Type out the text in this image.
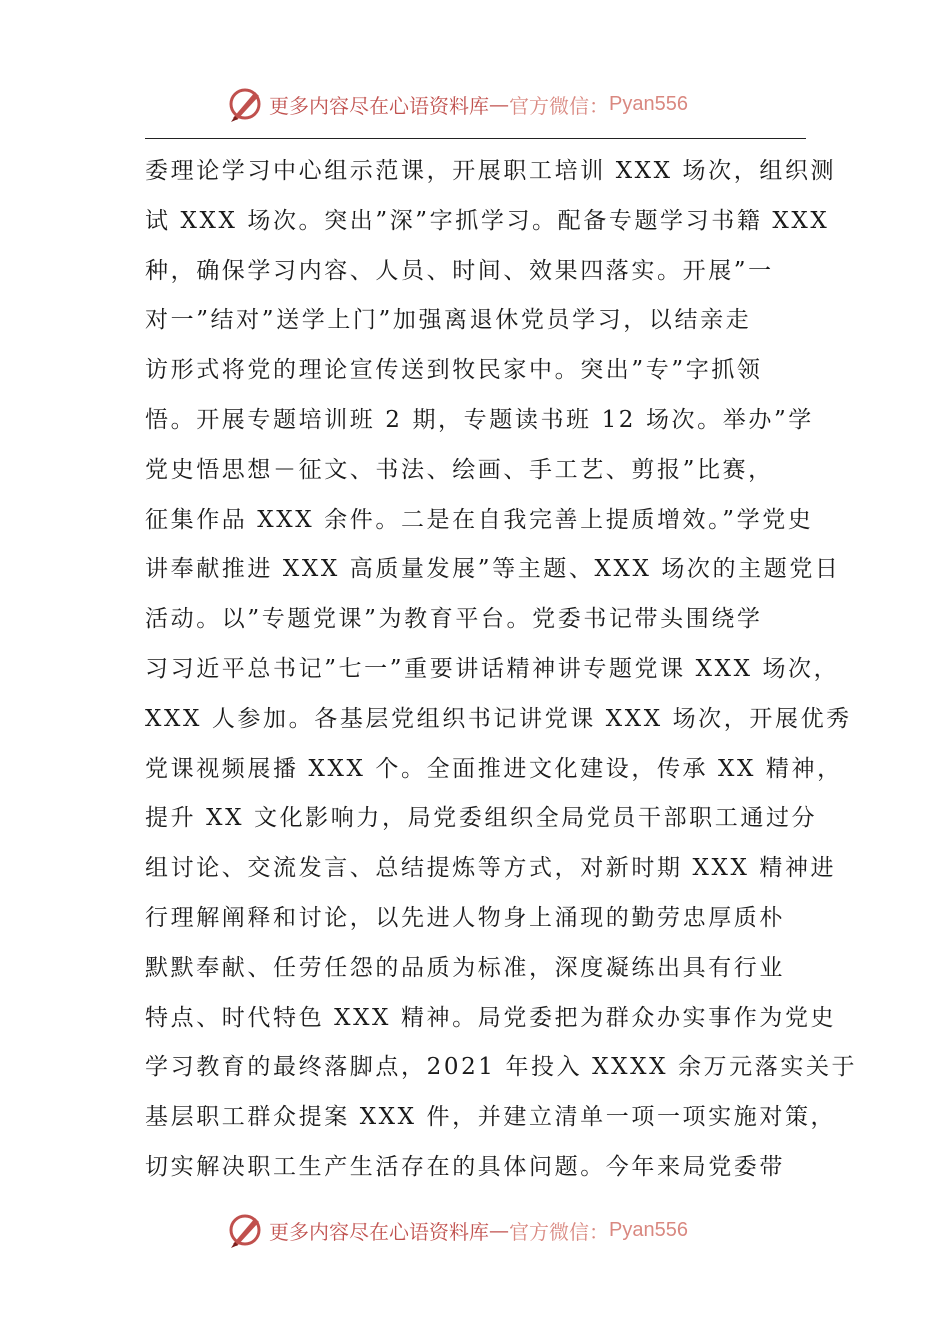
更多内容尽在心语资料库 — 官方微信： Pyan556
委理论学习中心组示范课，开展职工培训 XXX 场次，组织测
试 XXX 场次。突出”深”字抓学习。配备专题学习书籍 XXX
种，确保学习内容、人员、时间、效果四落实。开展”一
对一”结对”送学上门”加强离退休党员学习，以结亲走
访形式将党的理论宣传送到牧民家中。突出”专”字抓领
悟。开展专题培训班 2 期，专题读书班 12 场次。举办”学
党史悟思想－征文、书法、绘画、手工艺、剪报”比赛，
征集作品 XXX 余件。二是在自我完善上提质增效。”学党史
讲奉献推进 XXX 高质量发展”等主题、XXX 场次的主题党日
活动。以”专题党课”为教育平台。党委书记带头围绕学
习习近平总书记”七一”重要讲话精神讲专题党课 XXX 场次，
XXX 人参加。各基层党组织书记讲党课 XXX 场次，开展优秀
党课视频展播 XXX 个。全面推进文化建设，传承 XX 精神，
提升 XX 文化影响力，局党委组织全局党员干部职工通过分
组讨论、交流发言、总结提炼等方式，对新时期 XXX 精神进
行理解阐释和讨论，以先进人物身上涌现的勤劳忠厚质朴
默默奉献、任劳任怨的品质为标准，深度凝练出具有行业
特点、时代特色 XXX 精神。局党委把为群众办实事作为党史
学习教育的最终落脚点，2021 年投入 XXXX 余万元落实关于
基层职工群众提案 XXX 件，并建立清单一项一项实施对策，
切实解决职工生产生活存在的具体问题。今年来局党委带
更多内容尽在心语资料库 — 官方微信： Pyan556
